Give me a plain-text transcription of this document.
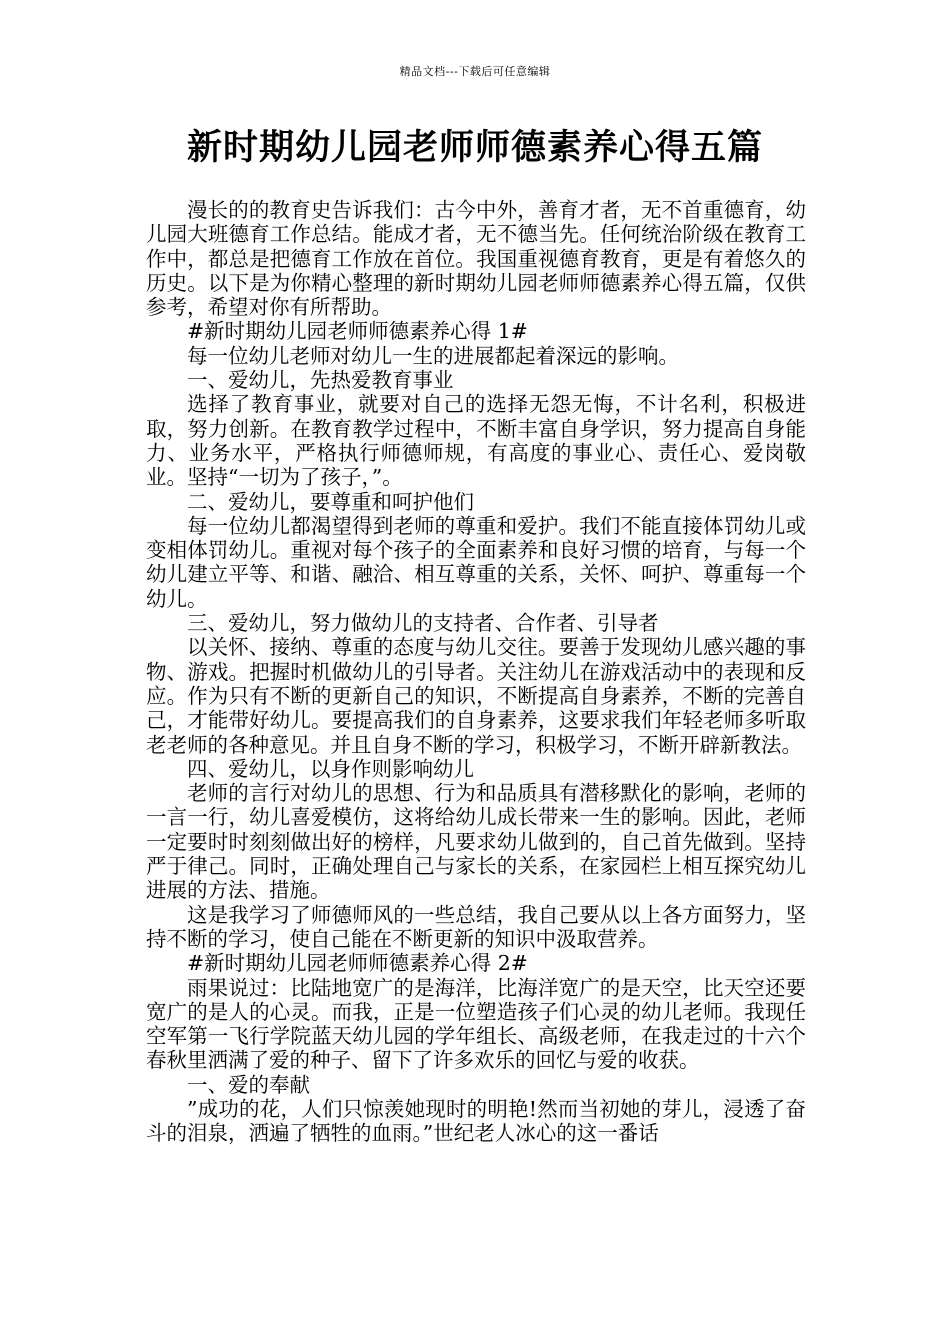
精品文档---下载后可任意编辑
新时期幼儿园老师师德素养心得五篇

漫长的的教育史告诉我们：古今中外，善育才者，无不首重德育，幼儿园大班德育工作总结。能成才者，无不德当先。任何统治阶级在教育工作中，都总是把德育工作放在首位。我国重视德育教育，更是有着悠久的历史。以下是为你精心整理的新时期幼儿园老师师德素养心得五篇，仅供参考，希望对你有所帮助。

#新时期幼儿园老师师德素养心得 1#

每一位幼儿老师对幼儿一生的进展都起着深远的影响。

一、爱幼儿，先热爱教育事业

选择了教育事业，就要对自己的选择无怨无悔，不计名利，积极进取，努力创新。在教育教学过程中，不断丰富自身学识，努力提高自身能力、业务水平，严格执行师德师规，有高度的事业心、责任心、爱岗敬业。坚持“一切为了孩子，”。

二、爱幼儿，要尊重和呵护他们

每一位幼儿都渴望得到老师的尊重和爱护。我们不能直接体罚幼儿或变相体罚幼儿。重视对每个孩子的全面素养和良好习惯的培育，与每一个幼儿建立平等、和谐、融洽、相互尊重的关系，关怀、呵护、尊重每一个幼儿。

三、爱幼儿，努力做幼儿的支持者、合作者、引导者

以关怀、接纳、尊重的态度与幼儿交往。要善于发现幼儿感兴趣的事物、游戏。把握时机做幼儿的引导者。关注幼儿在游戏活动中的表现和反应。作为只有不断的更新自己的知识，不断提高自身素养，不断的完善自己，才能带好幼儿。要提高我们的自身素养，这要求我们年轻老师多听取老老师的各种意见。并且自身不断的学习，积极学习，不断开辟新教法。

四、爱幼儿，以身作则影响幼儿

老师的言行对幼儿的思想、行为和品质具有潜移默化的影响，老师的一言一行，幼儿喜爱模仿，这将给幼儿成长带来一生的影响。因此，老师一定要时时刻刻做出好的榜样，凡要求幼儿做到的，自己首先做到。坚持严于律己。同时，正确处理自己与家长的关系，在家园栏上相互探究幼儿进展的方法、措施。

这是我学习了师德师风的一些总结，我自己要从以上各方面努力，坚持不断的学习，使自己能在不断更新的知识中汲取营养。

#新时期幼儿园老师师德素养心得 2#

雨果说过：比陆地宽广的是海洋，比海洋宽广的是天空，比天空还要宽广的是人的心灵。而我，正是一位塑造孩子们心灵的幼儿老师。我现任空军第一飞行学院蓝天幼儿园的学年组长、高级老师，在我走过的十六个春秋里洒满了爱的种子、留下了许多欢乐的回忆与爱的收获。

一、爱的奉献

”成功的花，人们只惊羡她现时的明艳!然而当初她的芽儿，浸透了奋斗的泪泉，洒遍了牺牲的血雨。”世纪老人冰心的这一番话
